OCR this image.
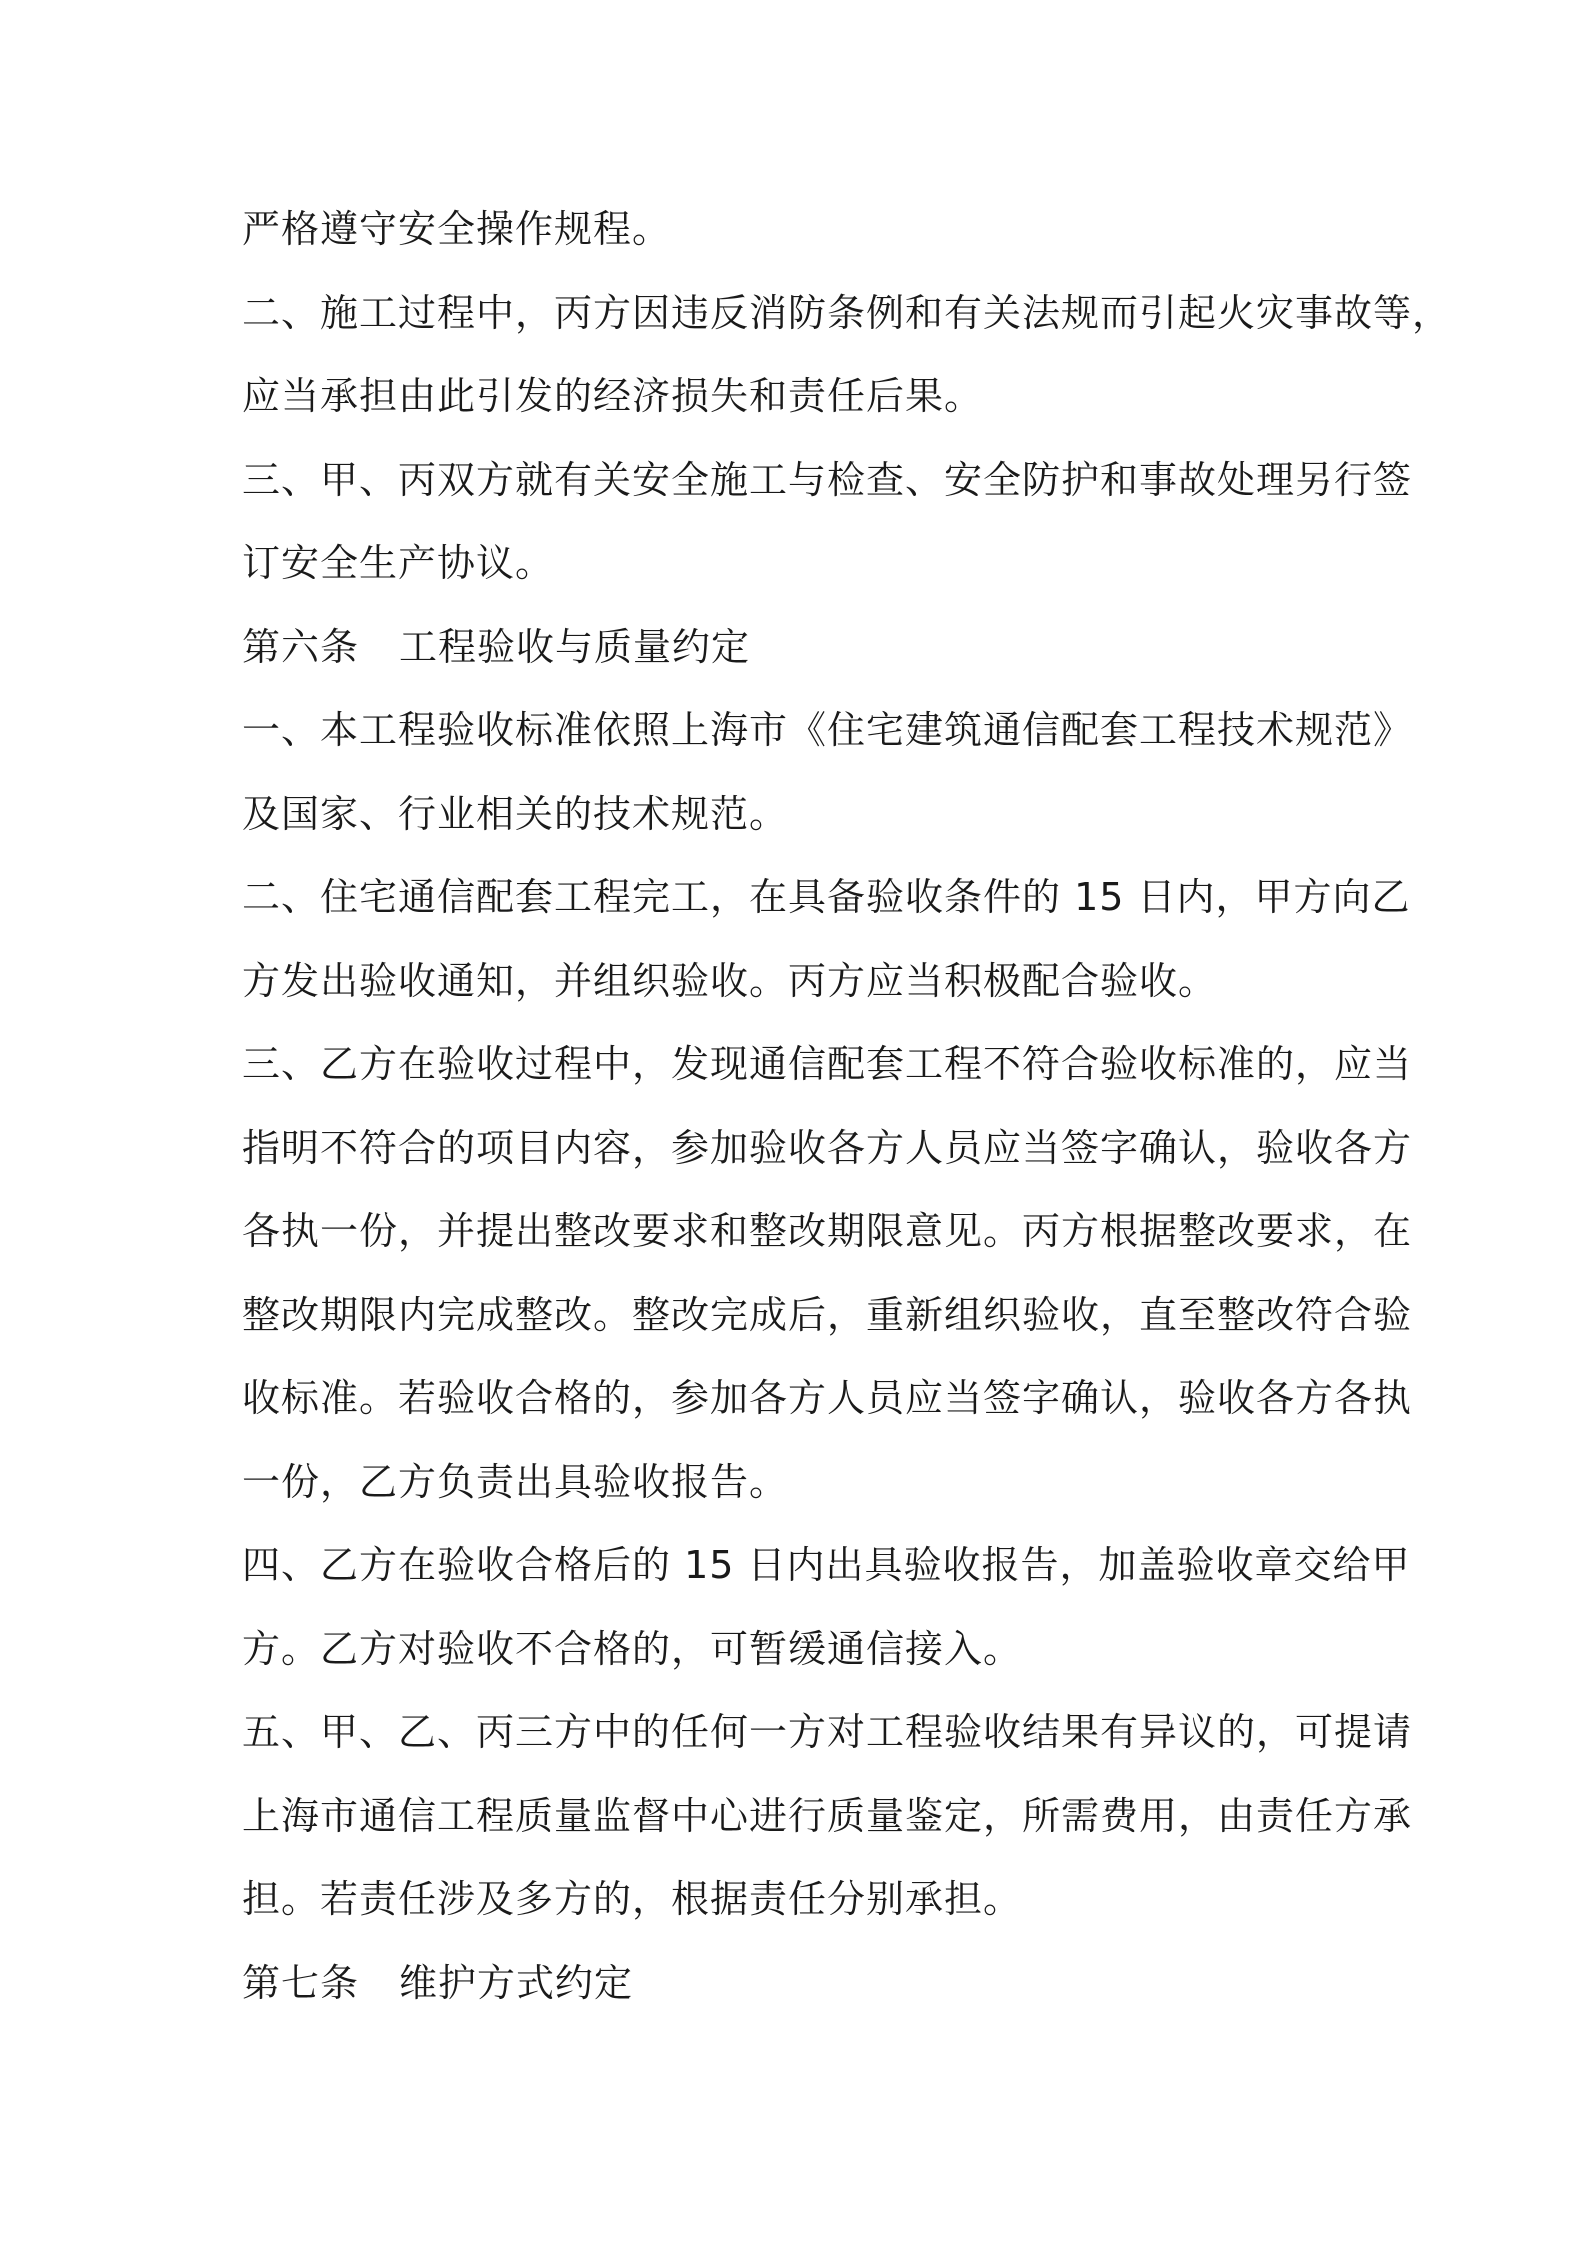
严格遵守安全操作规程。
二、施工过程中，丙方因违反消防条例和有关法规而引起火灾事故等，
应当承担由此引发的经济损失和责任后果。
三、甲、丙双方就有关安全施工与检查、安全防护和事故处理另行签
订安全生产协议。
第六条 工程验收与质量约定
一、本工程验收标准依照上海市《住宅建筑通信配套工程技术规范》
及国家、行业相关的技术规范。
二、住宅通信配套工程完工，在具备验收条件的 15 日内，甲方向乙
方发出验收通知，并组织验收。丙方应当积极配合验收。
三、乙方在验收过程中，发现通信配套工程不符合验收标准的，应当
指明不符合的项目内容，参加验收各方人员应当签字确认，验收各方
各执一份，并提出整改要求和整改期限意见。丙方根据整改要求，在
整改期限内完成整改。整改完成后，重新组织验收，直至整改符合验
收标准。若验收合格的，参加各方人员应当签字确认，验收各方各执
一份，乙方负责出具验收报告。
四、乙方在验收合格后的 15 日内出具验收报告，加盖验收章交给甲
方。乙方对验收不合格的，可暂缓通信接入。
五、甲、乙、丙三方中的任何一方对工程验收结果有异议的，可提请
上海市通信工程质量监督中心进行质量鉴定，所需费用，由责任方承
担。若责任涉及多方的，根据责任分别承担。
第七条 维护方式约定
